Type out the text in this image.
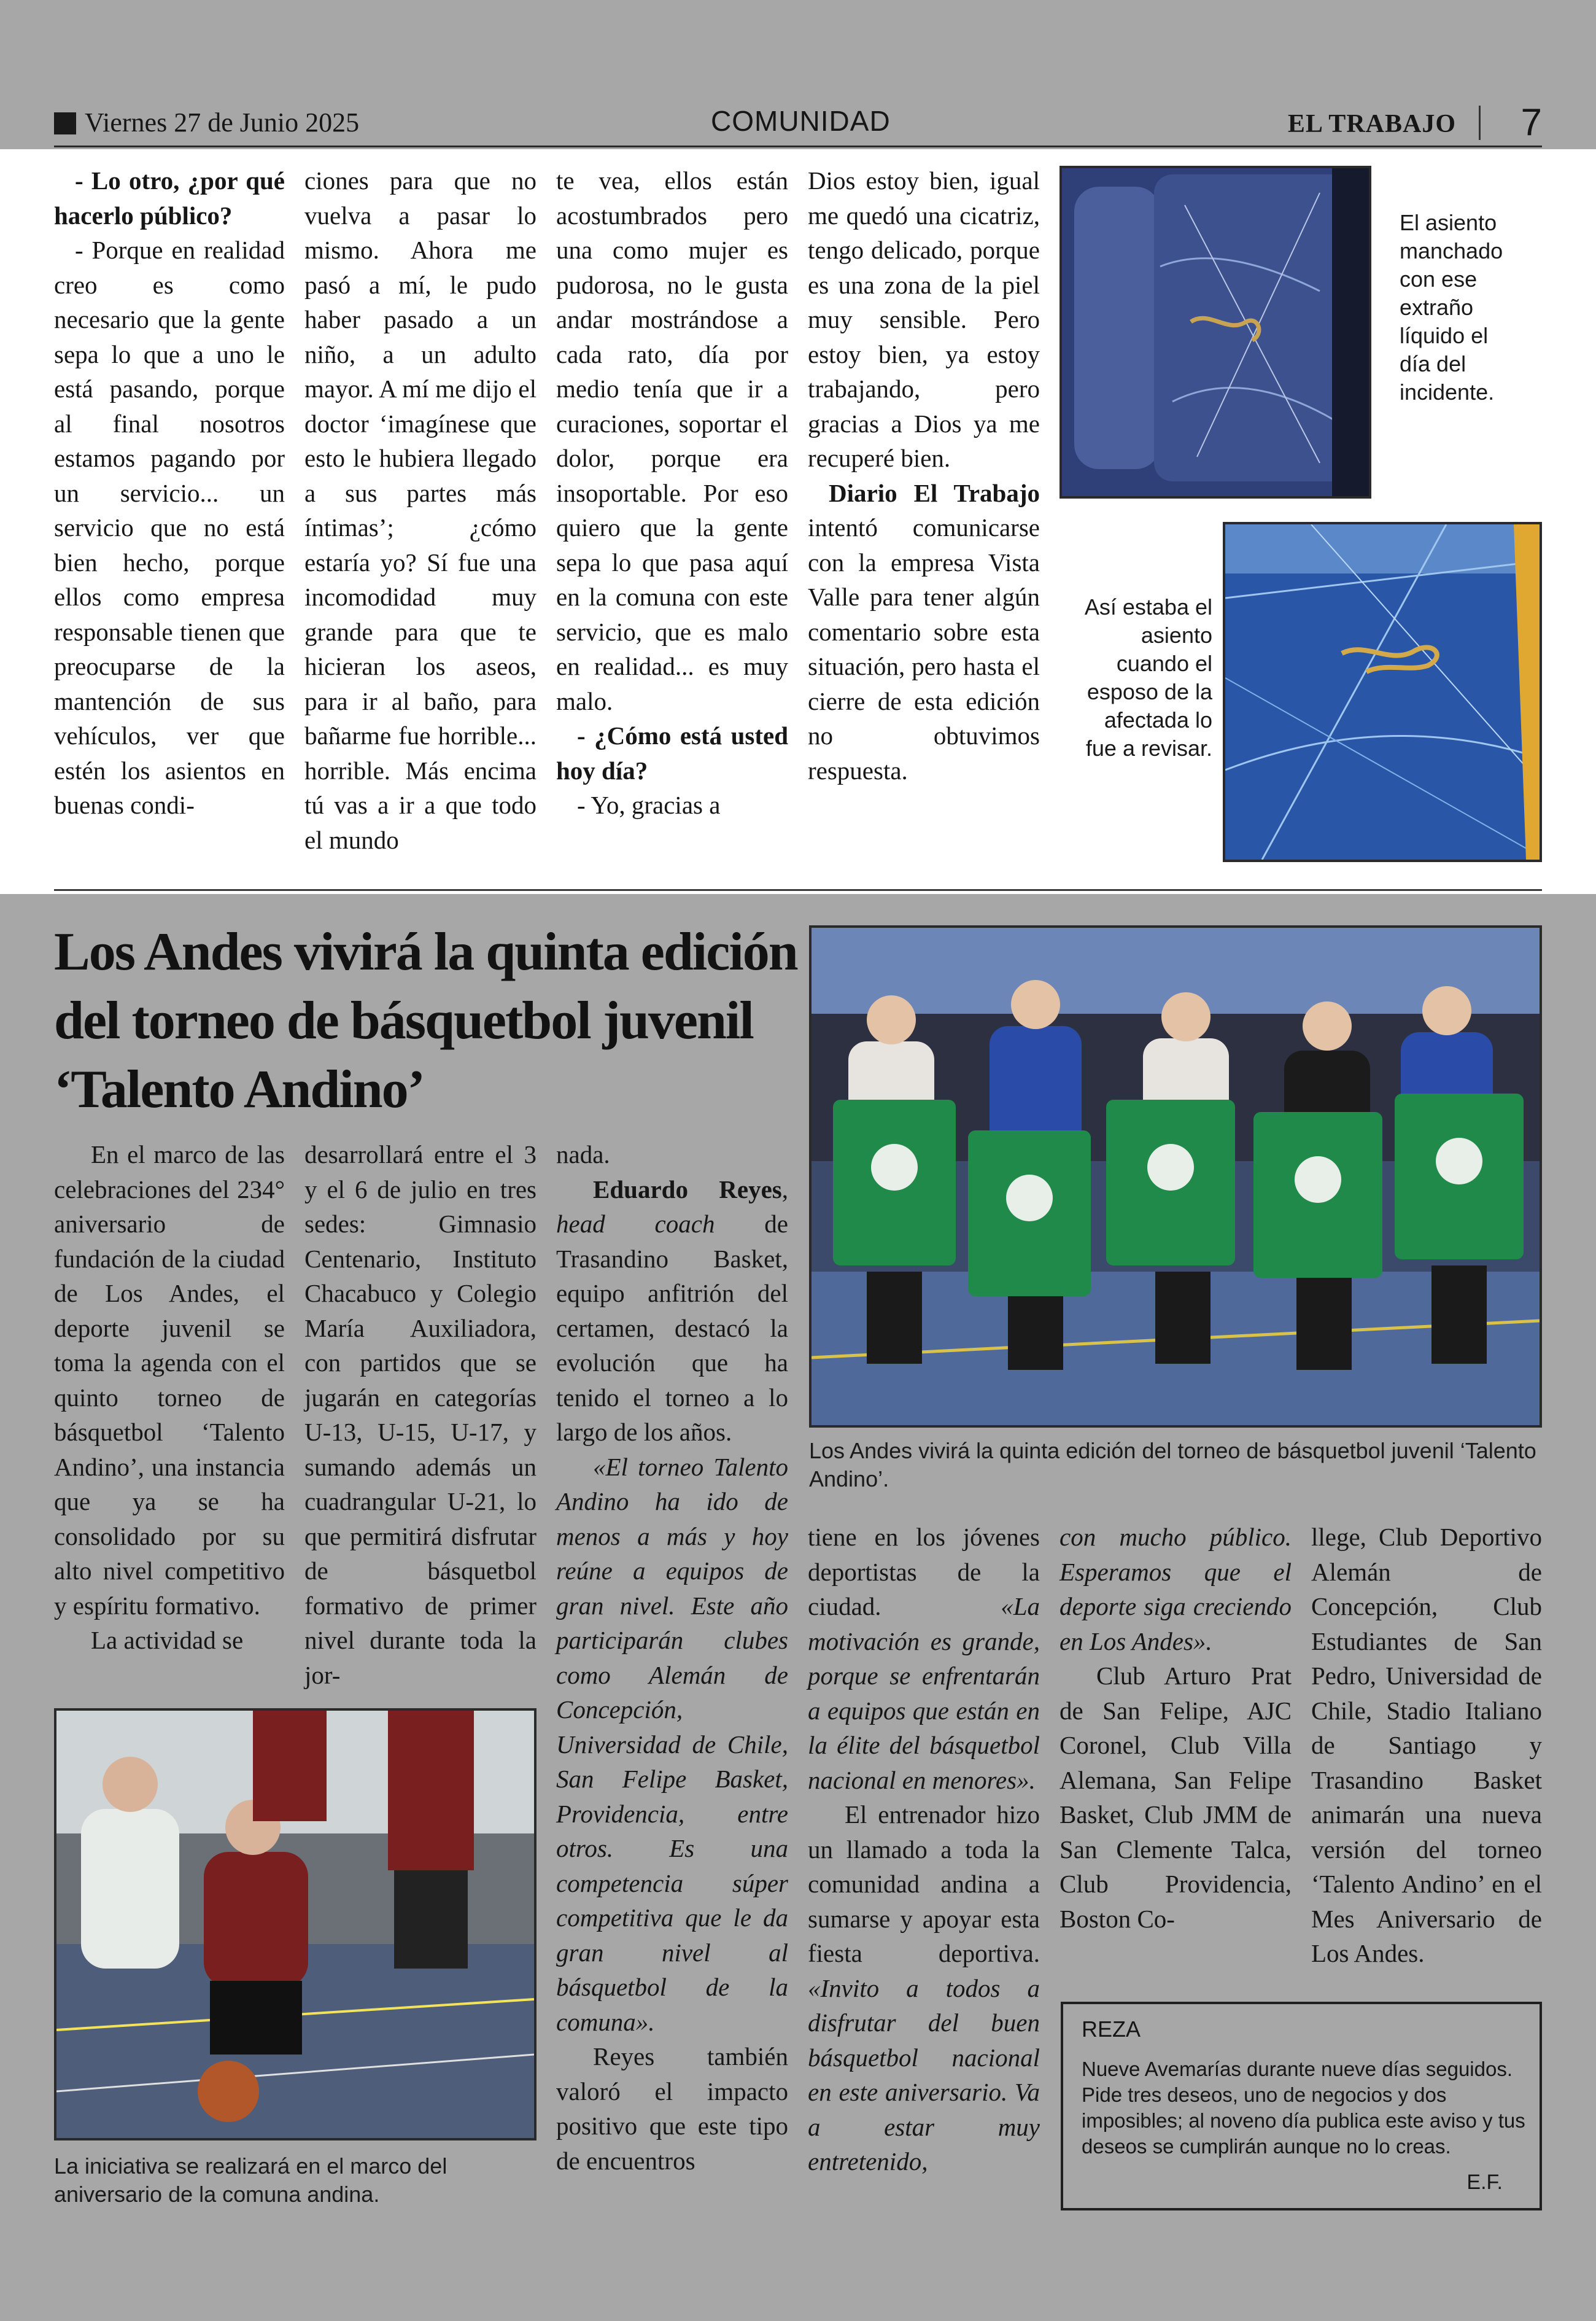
Viernes 27 de Junio 2025	COMUNIDAD	EL TRABAJO 7

- Lo otro, ¿por qué hacerlo público?

- Porque en realidad creo es como necesario que la gente sepa lo que a uno le está pasando, porque al final nosotros estamos pagando por un servicio... un servicio que no está bien hecho, porque ellos como empresa responsable tienen que preocuparse de la mantención de sus vehículos, ver que estén los asientos en buenas condi-

ciones para que no vuelva a pasar lo mismo. Ahora me pasó a mí, le pudo haber pasado a un niño, a un adulto mayor. A mí me dijo el doctor ‘imagínese que esto le hubiera llegado a sus partes más íntimas’; ¿cómo estaría yo? Sí fue una incomodidad muy grande para que te hicieran los aseos, para ir al baño, para bañarme fue horrible... horrible. Más encima tú vas a ir a que todo el mundo

te vea, ellos están acostumbrados pero una como mujer es pudorosa, no le gusta andar mostrándose a cada rato, día por medio tenía que ir a curaciones, soportar el dolor, porque era insoportable. Por eso quiero que la gente sepa lo que pasa aquí en la comuna con este servicio, que es malo en realidad... es muy malo.

- ¿Cómo está usted hoy día?

- Yo, gracias a

Dios estoy bien, igual me quedó una cicatriz, tengo delicado, porque es una zona de la piel muy sensible. Pero estoy bien, ya estoy trabajando, pero gracias a Dios ya me recuperé bien.

Diario El Trabajo intentó comunicarse con la empresa Vista Valle para tener algún comentario sobre esta situación, pero hasta el cierre de esta edición no obtuvimos respuesta.

El asiento manchado con ese extraño líquido el día del incidente.
Así estaba el asiento cuando el esposo de la afectada lo fue a revisar.
Los Andes vivirá la quinta edición del torneo de básquetbol juvenil ‘Talento Andino’

En el marco de las celebraciones del 234° aniversario de fundación de la ciudad de Los Andes, el deporte juvenil se toma la agenda con el quinto torneo de básquetbol ‘Talento Andino’, una instancia que ya se ha consolidado por su alto nivel competitivo y espíritu formativo.

La actividad se

desarrollará entre el 3 y el 6 de julio en tres sedes: Gimnasio Centenario, Instituto Chacabuco y Colegio María Auxiliadora, con partidos que se jugarán en categorías U-13, U-15, U-17, y sumando además un cuadrangular U-21, lo que permitirá disfrutar de básquetbol formativo de primer nivel durante toda la jor-

nada.

Eduardo Reyes, head coach de Trasandino Basket, equipo anfitrión del certamen, destacó la evolución que ha tenido el torneo a lo largo de los años.

«El torneo Talento Andino ha ido de menos a más y hoy reúne a equipos de gran nivel. Este año participarán clubes como Alemán de Concepción, Universidad de Chile, San Felipe Basket, Providencia, entre otros. Es una competencia súper competitiva que le da gran nivel al básquetbol de la comuna».

Reyes también valoró el impacto positivo que este tipo de encuentros

tiene en los jóvenes deportistas de la ciudad. «La motivación es grande, porque se enfrentarán a equipos que están en la élite del básquetbol nacional en menores».

El entrenador hizo un llamado a toda la comunidad andina a sumarse y apoyar esta fiesta deportiva. «Invito a todos a disfrutar del buen básquetbol nacional en este aniversario. Va a estar muy entretenido,

con mucho público. Esperamos que el deporte siga creciendo en Los Andes».

Club Arturo Prat de San Felipe, AJC Coronel, Club Villa Alemana, San Felipe Basket, Club JMM de San Clemente Talca, Club Providencia, Boston Co-

llege, Club Deportivo Alemán de Concepción, Club Estudiantes de San Pedro, Universidad de Chile, Stadio Italiano de Santiago y Trasandino Basket animarán una nueva versión del torneo ‘Talento Andino’ en el Mes Aniversario de Los Andes.

Los Andes vivirá la quinta edición del torneo de básquetbol juvenil ‘Talento Andino’.
La iniciativa se realizará en el marco del aniversario de la comuna andina.
REZA
Nueve Avemarías durante nueve días seguidos. Pide tres deseos, uno de negocios y dos imposibles; al noveno día publica este aviso y tus deseos se cumplirán aunque no lo creas.
E.F.
